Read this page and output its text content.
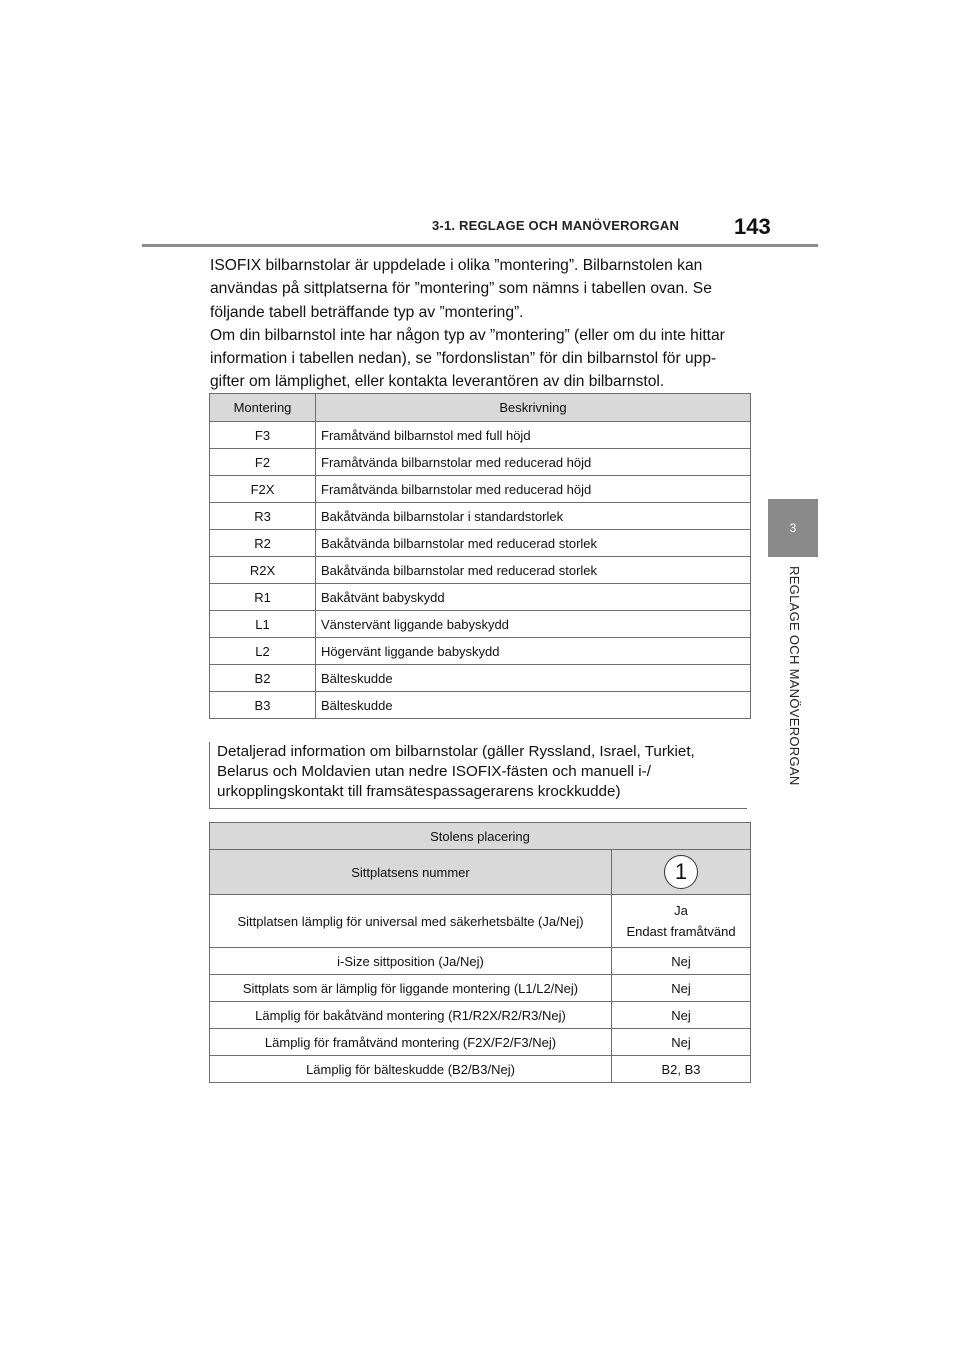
3-1. REGLAGE OCH MANÖVERORGAN 143
3
REGLAGE OCH MANÖVERORGAN

ISOFIX bilbarnstolar är uppdelade i olika ”montering”. Bilbarnstolen kan
användas på sittplatserna för ”montering” som nämns i tabellen ovan. Se
följande tabell beträffande typ av ”montering”.

Om din bilbarnstol inte har någon typ av ”montering” (eller om du inte hittar
information i tabellen nedan), se ”fordonslistan” för din bilbarnstol för upp-
gifter om lämplighet, eller kontakta leverantören av din bilbarnstol.

Montering	Beskrivning
F3	Framåtvänd bilbarnstol med full höjd
F2	Framåtvända bilbarnstolar med reducerad höjd
F2X	Framåtvända bilbarnstolar med reducerad höjd
R3	Bakåtvända bilbarnstolar i standardstorlek
R2	Bakåtvända bilbarnstolar med reducerad storlek
R2X	Bakåtvända bilbarnstolar med reducerad storlek
R1	Bakåtvänt babyskydd
L1	Vänstervänt liggande babyskydd
L2	Högervänt liggande babyskydd
B2	Bälteskudde
B3	Bälteskudde

Detaljerad information om bilbarnstolar (gäller Ryssland, Israel, Turkiet,

Belarus och Moldavien utan nedre ISOFIX-fästen och manuell i-/

urkopplingskontakt till framsätespassagerarens krockkudde)

Stolens placering	
Sittplatsens nummer	1
Sittplatsen lämplig för universal med säkerhetsbälte (Ja/Nej)	Ja
Endast framåtvänd

i-Size sittposition (Ja/Nej)	Nej
Sittplats som är lämplig för liggande montering (L1/L2/Nej)	Nej
Lämplig för bakåtvänd montering (R1/R2X/R2/R3/Nej)	Nej
Lämplig för framåtvänd montering (F2X/F2/F3/Nej)	Nej
Lämplig för bälteskudde (B2/B3/Nej)	B2, B3
